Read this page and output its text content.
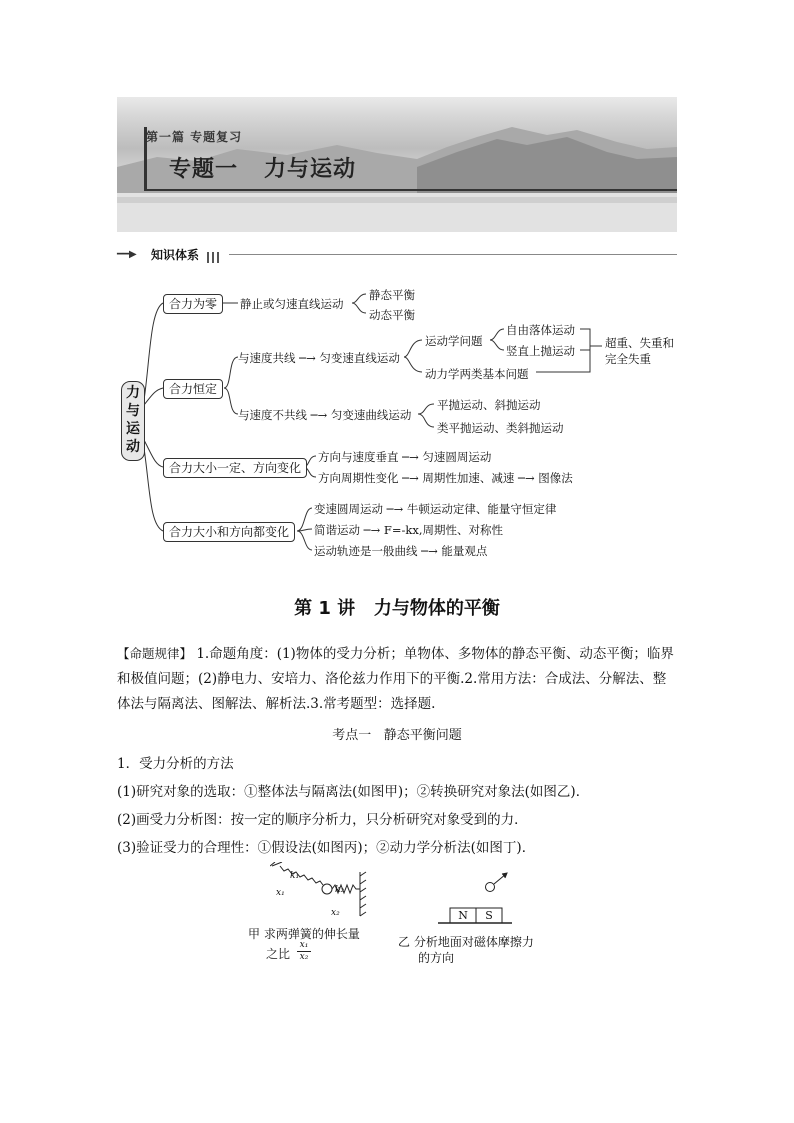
第一篇 专题复习
专题一   力与运动
━━▶ 知识体系
力与运动
合力为零	静止或匀速直线运动
静态平衡
动态平衡
合力恒定
与速度共线 ─→ 匀变速直线运动
运动学问题
自由落体运动
竖直上抛运动
动力学两类基本问题
超重、失重和
完全失重
与速度不共线 ─→ 匀变速曲线运动
平抛运动、斜抛运动
类平抛运动、类斜抛运动
合力大小一定、方向变化
方向与速度垂直 ─→ 匀速圆周运动
方向周期性变化 ─→ 周期性加速、减速 ─→ 图像法
合力大小和方向都变化
变速圆周运动 ─→ 牛顿运动定律、能量守恒定律
简谐运动 ─→ F=-kx,周期性、对称性
运动轨迹是一般曲线 ─→ 能量观点
第 1 讲   力与物体的平衡
【命题规律】 1.命题角度：(1)物体的受力分析；单物体、多物体的静态平衡、动态平衡；临界和极值问题；(2)静电力、安培力、洛伦兹力作用下的平衡.2.常用方法：合成法、分解法、整体法与隔离法、图解法、解析法.3.常考题型：选择题.
考点一   静态平衡问题
1．受力分析的方法
(1)研究对象的选取：①整体法与隔离法(如图甲)；②转换研究对象法(如图乙)．
(2)画受力分析图：按一定的顺序分析力，只分析研究对象受到的力．
(3)验证受力的合理性：①假设法(如图丙)；②动力学分析法(如图丁)．
k₁
x₁	k₂
x₂
甲 求两弹簧的伸长量
之比 $\frac{\text{x₁}}{\text{x₂}}$
N	S
乙 分析地面对磁体摩擦力
的方向
